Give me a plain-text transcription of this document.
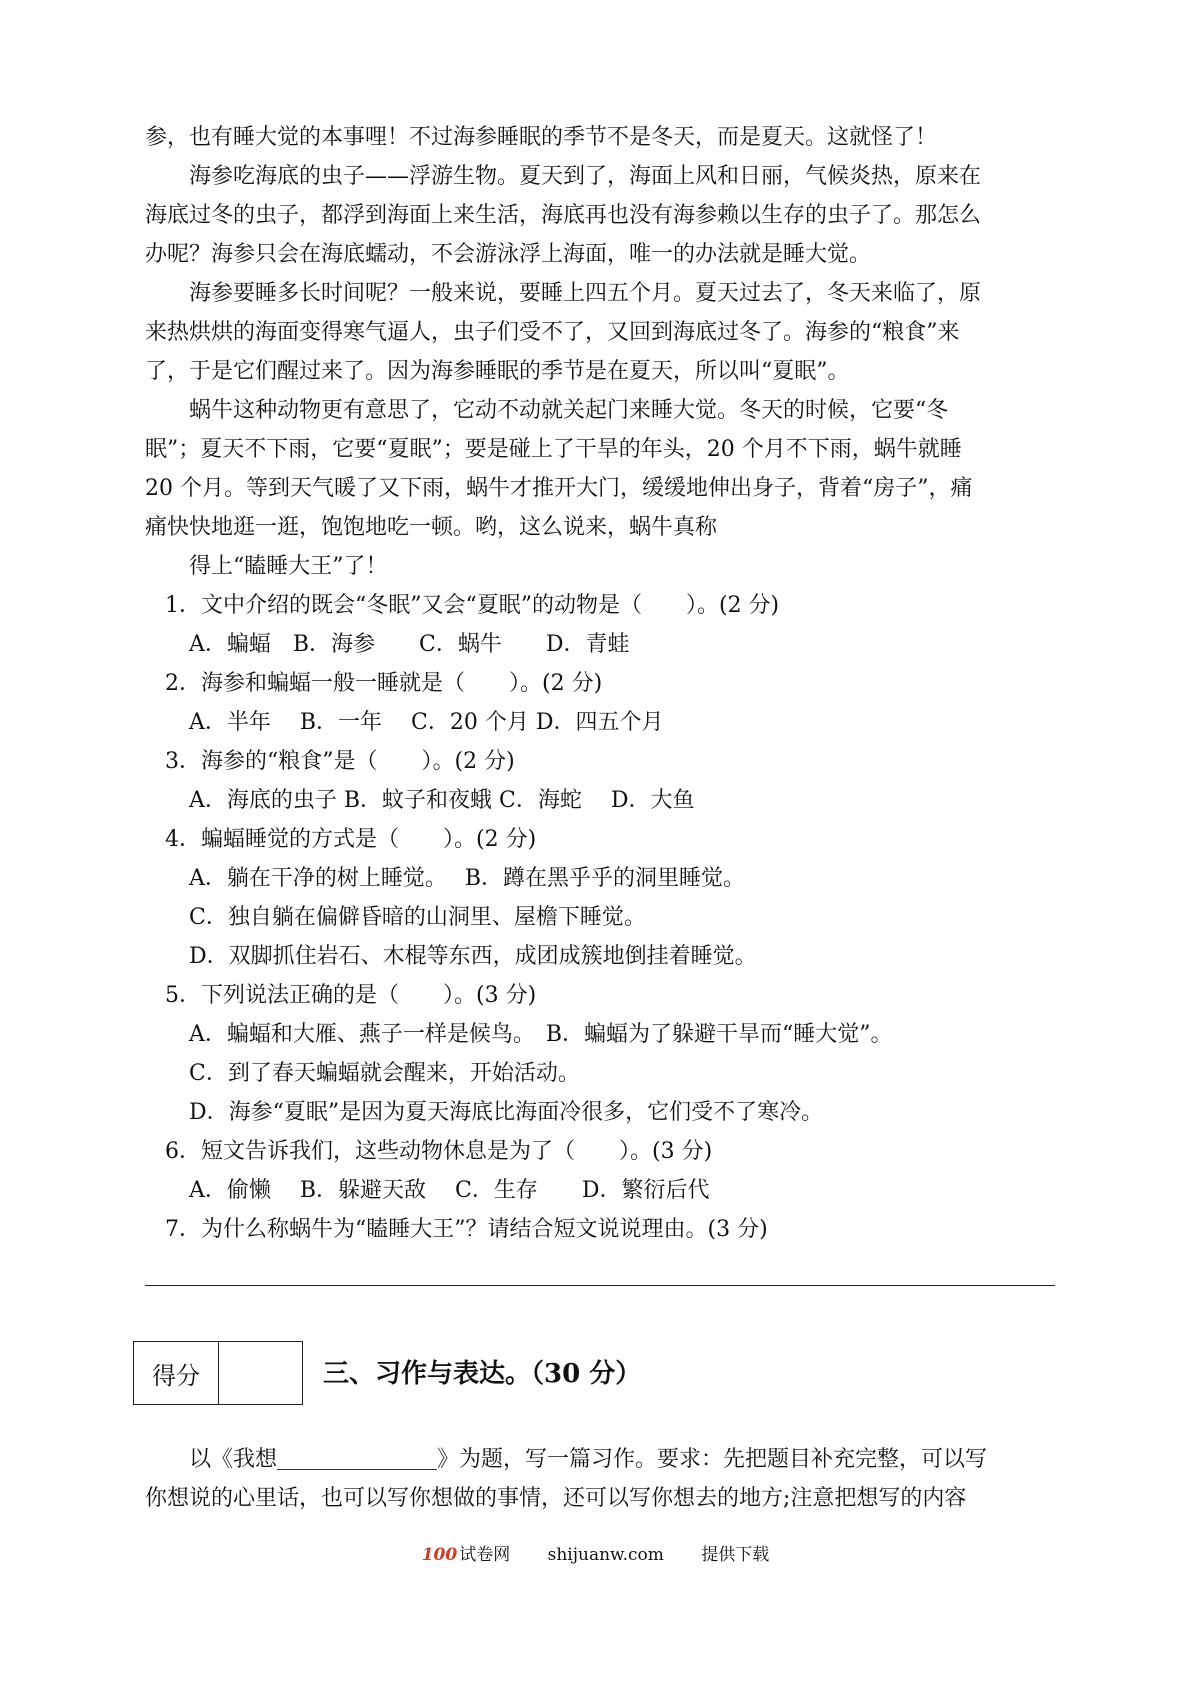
参，也有睡大觉的本事哩！不过海参睡眠的季节不是冬天，而是夏天。这就怪了！
海参吃海底的虫子——浮游生物。夏天到了，海面上风和日丽，气候炎热，原来在
海底过冬的虫子，都浮到海面上来生活，海底再也没有海参赖以生存的虫子了。那怎么
办呢？海参只会在海底蠕动，不会游泳浮上海面，唯一的办法就是睡大觉。
海参要睡多长时间呢？一般来说，要睡上四五个月。夏天过去了，冬天来临了，原
来热烘烘的海面变得寒气逼人，虫子们受不了，又回到海底过冬了。海参的“粮食”来
了，于是它们醒过来了。因为海参睡眠的季节是在夏天，所以叫“夏眠”。
蜗牛这种动物更有意思了，它动不动就关起门来睡大觉。冬天的时候，它要“冬
眠”；夏天不下雨，它要“夏眠”；要是碰上了干旱的年头，20 个月不下雨，蜗牛就睡
20 个月。等到天气暖了又下雨，蜗牛才推开大门，缓缓地伸出身子，背着“房子”，痛
痛快快地逛一逛，饱饱地吃一顿。哟，这么说来，蜗牛真称
得上“瞌睡大王”了！
1．文中介绍的既会“冬眠”又会“夏眠”的动物是（　　）。(2 分)
A．蝙蝠　B．海参　　C．蜗牛　　D．青蛙
2．海参和蝙蝠一般一睡就是（　　）。(2 分)
A．半年　 B．一年　 C．20 个月 D．四五个月
3．海参的“粮食”是（　　）。(2 分)
A．海底的虫子 B．蚊子和夜蛾 C．海蛇　 D．大鱼
4．蝙蝠睡觉的方式是（　　）。(2 分)
A．躺在干净的树上睡觉。　 B．蹲在黑乎乎的洞里睡觉。
C．独自躺在偏僻昏暗的山洞里、屋檐下睡觉。
D．双脚抓住岩石、木棍等东西，成团成簇地倒挂着睡觉。
5．下列说法正确的是（　　）。(3 分)
A．蝙蝠和大雁、燕子一样是候鸟。　B．蝙蝠为了躲避干旱而“睡大觉”。
C．到了春天蝙蝠就会醒来，开始活动。
D．海参“夏眠”是因为夏天海底比海面冷很多，它们受不了寒冷。
6．短文告诉我们，这些动物休息是为了（　　）。(3 分)
A．偷懒　 B．躲避天敌　 C．生存　　D．繁衍后代
7．为什么称蜗牛为“瞌睡大王”？请结合短文说说理由。(3 分)
得分	三、习作与表达。（30 分）
以《我想	》为题，写一篇习作。要求：先把题目补充完整，可以写
你想说的心里话，也可以写你想做的事情，还可以写你想去的地方;注意把想写的内容
100 试卷网 shijuanw.com 提供下载
